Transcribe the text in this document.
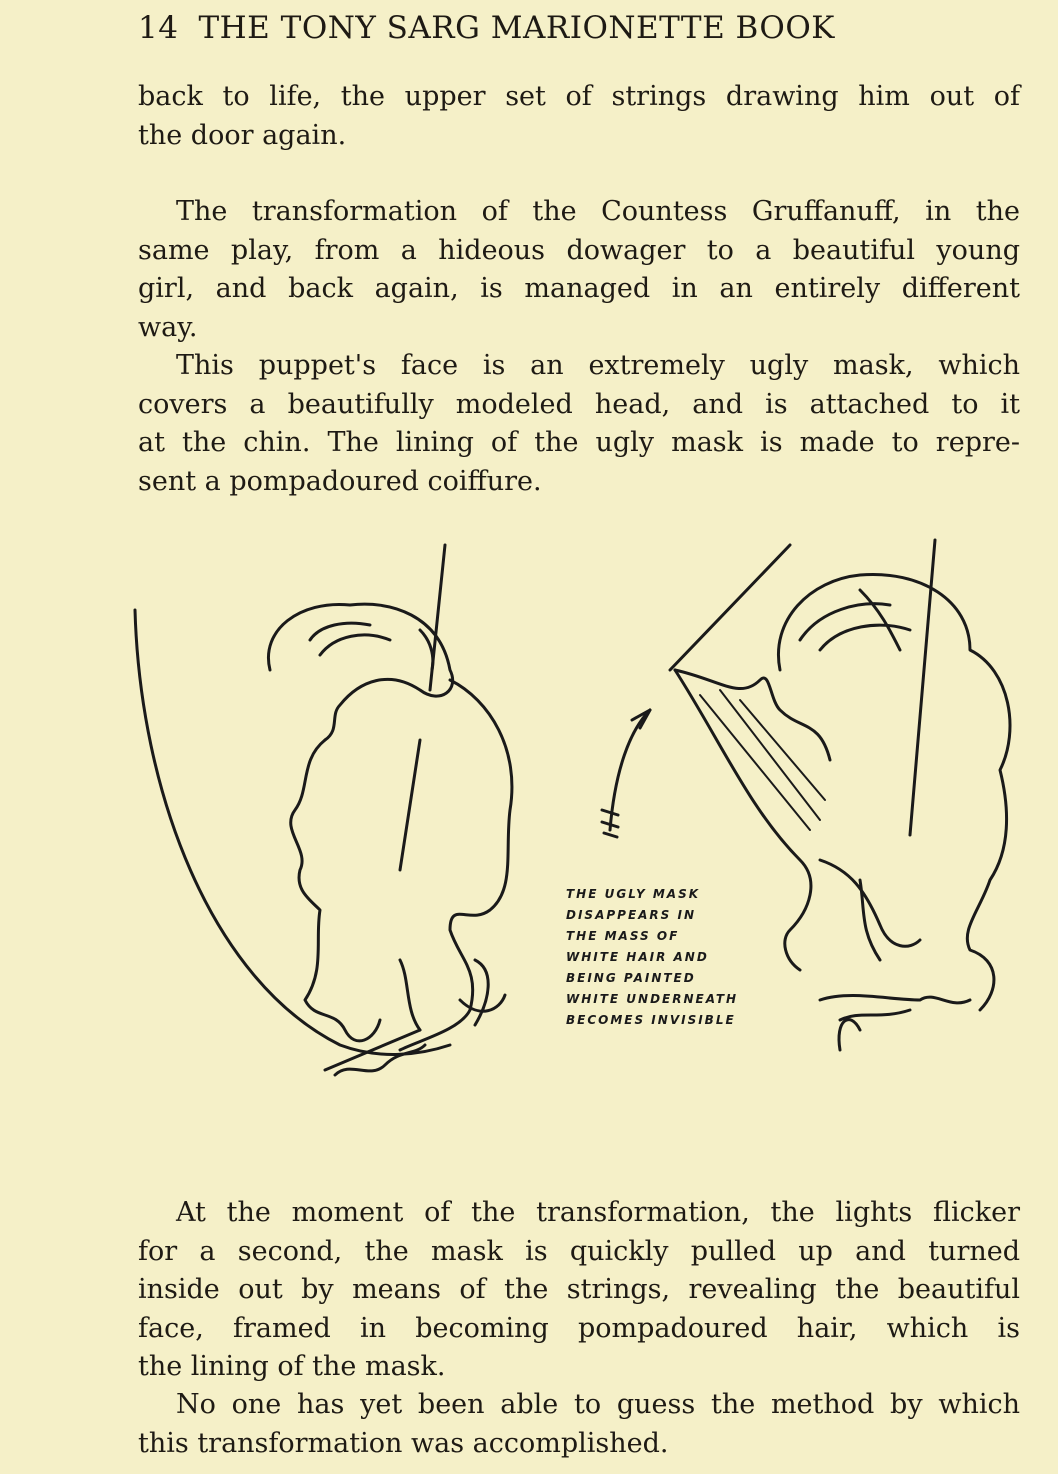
14 THE TONY SARG MARIONETTE BOOK
back to life, the upper set of strings drawing him out of
the door again.
The transformation of the Countess Gruffanuff, in the
same play, from a hideous dowager to a beautiful young
girl, and back again, is managed in an entirely different
way.
This puppet's face is an extremely ugly mask, which
covers a beautifully modeled head, and is attached to it
at the chin. The lining of the ugly mask is made to repre-
sent a pompadoured coiffure.
THE UGLY MASK
DISAPPEARS IN
THE MASS OF
WHITE HAIR AND
BEING PAINTED
WHITE UNDERNEATH
BECOMES INVISIBLE
At the moment of the transformation, the lights flicker
for a second, the mask is quickly pulled up and turned
inside out by means of the strings, revealing the beautiful
face, framed in becoming pompadoured hair, which is
the lining of the mask.
No one has yet been able to guess the method by which
this transformation was accomplished.
